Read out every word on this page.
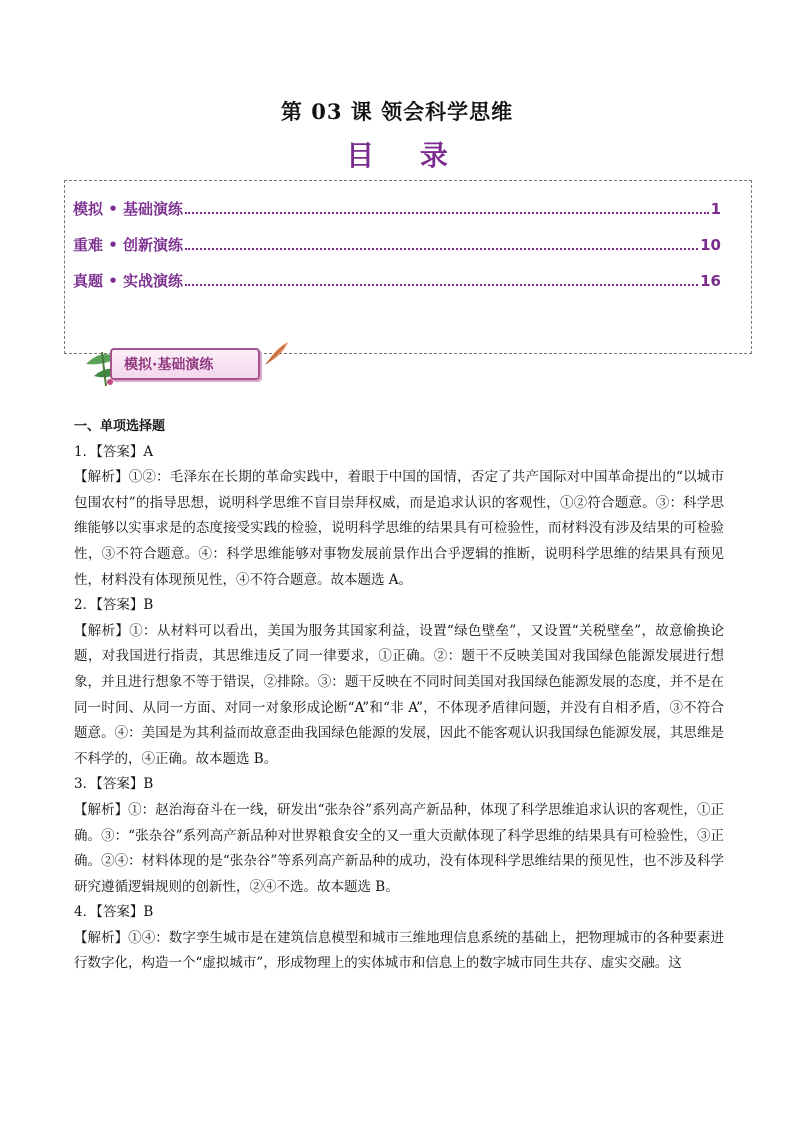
第 03 课 领会科学思维
目 录
模拟 • 基础演练	1
重难 • 创新演练	10
真题 • 实战演练	16
模拟·基础演练
一、单项选择题
1．【答案】A

【解析】①②：毛泽东在长期的革命实践中，着眼于中国的国情，否定了共产国际对中国革命提出的“以城市包围农村”的指导思想，说明科学思维不盲目崇拜权威，而是追求认识的客观性，①②符合题意。③：科学思维能够以实事求是的态度接受实践的检验，说明科学思维的结果具有可检验性，而材料没有涉及结果的可检验性，③不符合题意。④：科学思维能够对事物发展前景作出合乎逻辑的推断，说明科学思维的结果具有预见性，材料没有体现预见性，④不符合题意。故本题选 A。

2．【答案】B

【解析】①：从材料可以看出，美国为服务其国家利益，设置“绿色壁垒”，又设置“关税壁垒”，故意偷换论题，对我国进行指责，其思维违反了同一律要求，①正确。②：题干不反映美国对我国绿色能源发展进行想象，并且进行想象不等于错误，②排除。③：题干反映在不同时间美国对我国绿色能源发展的态度，并不是在同一时间、从同一方面、对同一对象形成论断“A”和“非 A”，不体现矛盾律问题，并没有自相矛盾，③不符合题意。④：美国是为其利益而故意歪曲我国绿色能源的发展，因此不能客观认识我国绿色能源发展，其思维是不科学的，④正确。故本题选 B。

3．【答案】B

【解析】①：赵治海奋斗在一线，研发出“张杂谷”系列高产新品种，体现了科学思维追求认识的客观性，①正确。③：“张杂谷”系列高产新品种对世界粮食安全的又一重大贡献体现了科学思维的结果具有可检验性，③正确。②④：材料体现的是“张杂谷”等系列高产新品种的成功，没有体现科学思维结果的预见性，也不涉及科学研究遵循逻辑规则的创新性，②④不选。故本题选 B。

4．【答案】B

【解析】①④：数字孪生城市是在建筑信息模型和城市三维地理信息系统的基础上，把物理城市的各种要素进行数字化，构造一个“虚拟城市”，形成物理上的实体城市和信息上的数字城市同生共存、虚实交融。这
